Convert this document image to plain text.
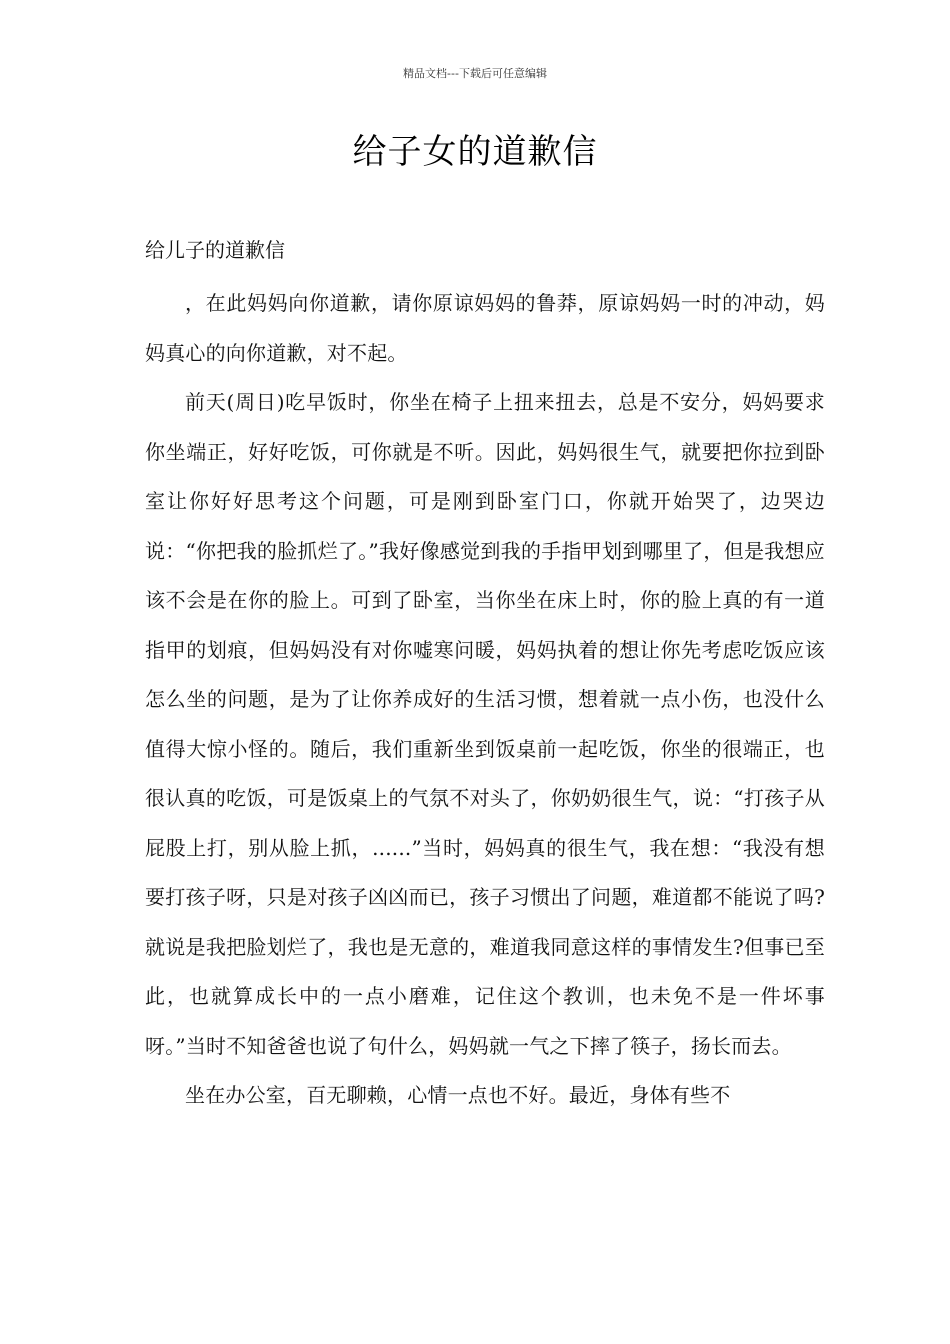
精品文档---下载后可任意编辑
给子女的道歉信
给儿子的道歉信

，在此妈妈向你道歉，请你原谅妈妈的鲁莽，原谅妈妈一时的冲动，妈妈真心的向你道歉，对不起。

前天(周日)吃早饭时，你坐在椅子上扭来扭去，总是不安分，妈妈要求你坐端正，好好吃饭，可你就是不听。因此，妈妈很生气，就要把你拉到卧室让你好好思考这个问题，可是刚到卧室门口，你就开始哭了，边哭边说：“你把我的脸抓烂了。”我好像感觉到我的手指甲划到哪里了，但是我想应该不会是在你的脸上。可到了卧室，当你坐在床上时，你的脸上真的有一道指甲的划痕，但妈妈没有对你嘘寒问暖，妈妈执着的想让你先考虑吃饭应该怎么坐的问题，是为了让你养成好的生活习惯，想着就一点小伤，也没什么值得大惊小怪的。随后，我们重新坐到饭桌前一起吃饭，你坐的很端正，也很认真的吃饭，可是饭桌上的气氛不对头了，你奶奶很生气，说：“打孩子从屁股上打，别从脸上抓，......”当时，妈妈真的很生气，我在想：“我没有想要打孩子呀，只是对孩子凶凶而已，孩子习惯出了问题，难道都不能说了吗?就说是我把脸划烂了，我也是无意的，难道我同意这样的事情发生?但事已至此，也就算成长中的一点小磨难，记住这个教训，也未免不是一件坏事呀。”当时不知爸爸也说了句什么，妈妈就一气之下摔了筷子，扬长而去。

坐在办公室，百无聊赖，心情一点也不好。最近，身体有些不
